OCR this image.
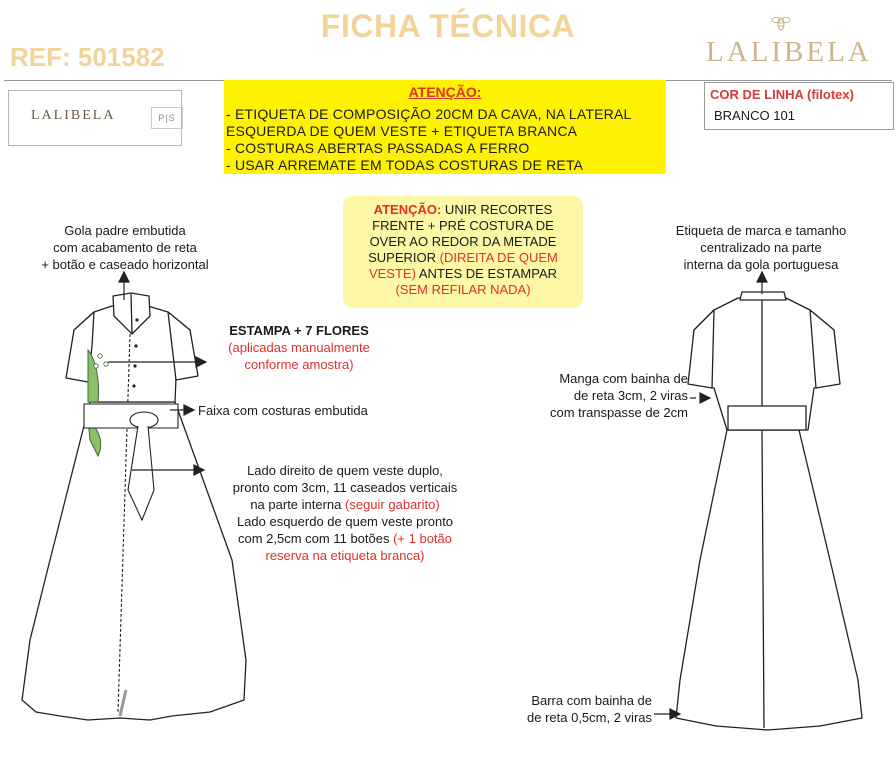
FICHA TÉCNICA
REF: 501582	LALIBELA
LALIBELA	P|S
ATENÇÃO:
- ETIQUETA DE COMPOSIÇÃO 20CM DA CAVA, NA LATERAL
ESQUERDA DE QUEM VESTE + ETIQUETA BRANCA
- COSTURAS ABERTAS PASSADAS A FERRO
- USAR ARREMATE EM TODAS COSTURAS DE RETA
COR DE LINHA (filotex)
BRANCO 101
ATENÇÃO: UNIR RECORTES
FRENTE + PRÉ COSTURA DE
OVER AO REDOR DA METADE
SUPERIOR (DIREITA DE QUEM
VESTE) ANTES DE ESTAMPAR
(SEM REFILAR NADA)
Gola padre embutida
com acabamento de reta
+ botão e caseado horizontal
ESTAMPA + 7 FLORES
(aplicadas manualmente
conforme amostra)
Faixa com costuras embutida
Lado direito de quem veste duplo,
pronto com 3cm, 11 caseados verticais
na parte interna (seguir gabarito)
Lado esquerdo de quem veste pronto
com 2,5cm com 11 botões (+ 1 botão
reserva na etiqueta branca)
Etiqueta de marca e tamanho
centralizado na parte
interna da gola portuguesa
Manga com bainha de
de reta 3cm, 2 viras
com transpasse de 2cm
Barra com bainha de
de reta 0,5cm, 2 viras
